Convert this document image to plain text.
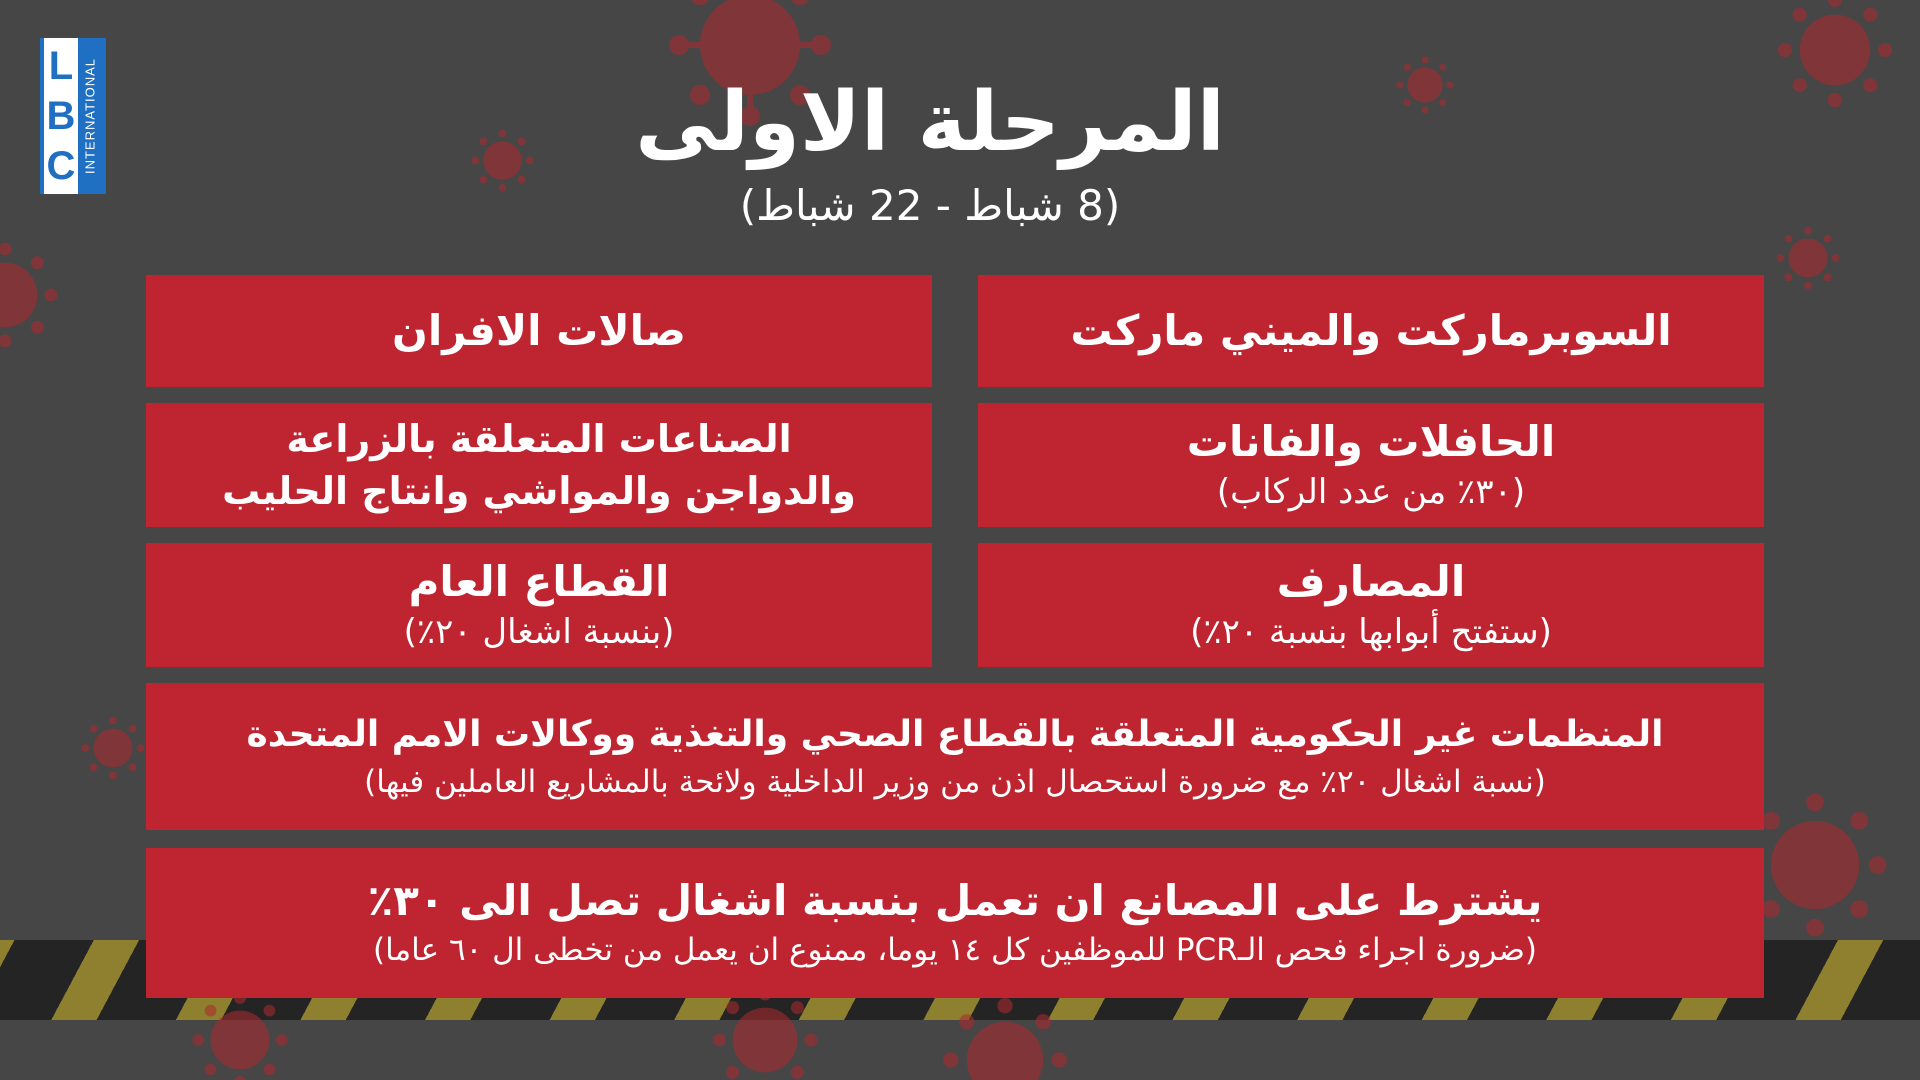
L
B
C INTERNATIONAL	المرحلة الاولى
(8 شباط - 22 شباط)
السوبرماركت والميني ماركت
صالات الافران
الحافلات والفانات
(٣٠٪ من عدد الركاب)
الصناعات المتعلقة بالزراعة
والدواجن والمواشي وانتاج الحليب
المصارف
(ستفتح أبوابها بنسبة ٢٠٪)
القطاع العام
(بنسبة اشغال ٢٠٪)
المنظمات غير الحكومية المتعلقة بالقطاع الصحي والتغذية ووكالات الامم المتحدة
(نسبة اشغال ٢٠٪ مع ضرورة استحصال اذن من وزير الداخلية ولائحة بالمشاريع العاملين فيها)
يشترط على المصانع ان تعمل بنسبة اشغال تصل الى ٣٠٪
(ضرورة اجراء فحص الـPCR للموظفين كل ١٤ يوما، ممنوع ان يعمل من تخطى ال ٦٠ عاما)
